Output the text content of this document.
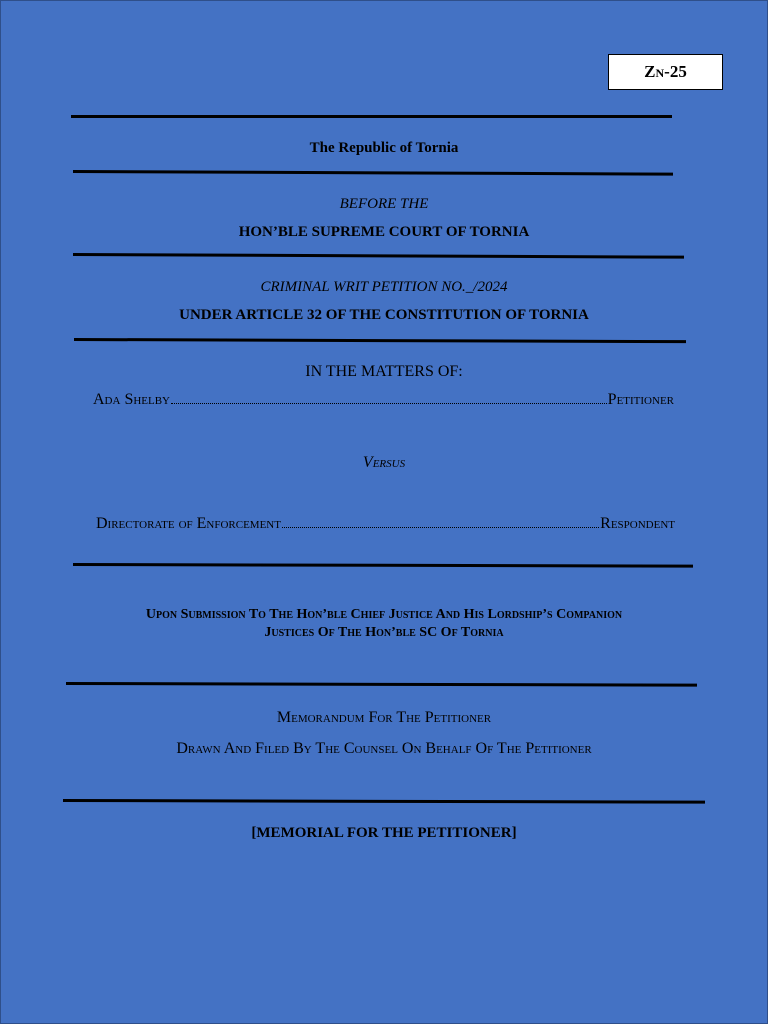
Zn-25
The Republic of Tornia
BEFORE THE
HON’BLE SUPREME COURT OF TORNIA
CRIMINAL WRIT PETITION NO._/2024
UNDER ARTICLE 32 OF THE CONSTITUTION OF TORNIA
IN THE MATTERS OF:
Ada Shelby	Petitioner
Versus
Directorate of Enforcement	Respondent
Upon Submission To The Hon’ble Chief Justice And His Lordship’s Companion
Justices Of The Hon’ble SC Of Tornia
Memorandum For The Petitioner
Drawn And Filed By The Counsel On Behalf Of The Petitioner
[MEMORIAL FOR THE PETITIONER]
